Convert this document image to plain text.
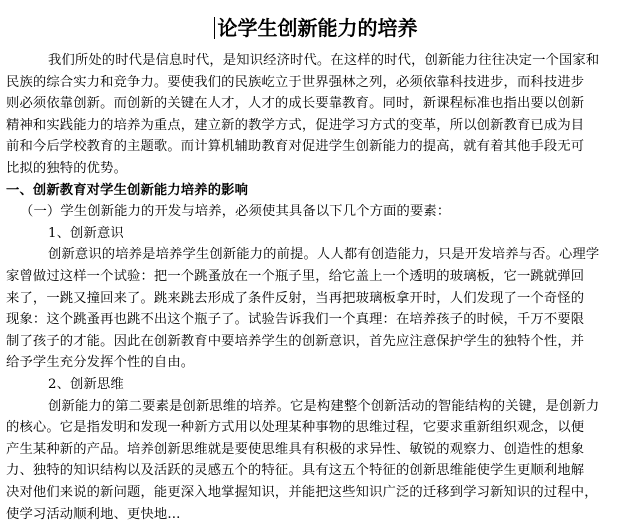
论学生创新能力的培养
我们所处的时代是信息时代，是知识经济时代。在这样的时代，创新能力往往决定一个国家和
民族的综合实力和竞争力。要使我们的民族屹立于世界强林之列，必须依靠科技进步，而科技进步
则必须依靠创新。而创新的关键在人才，人才的成长要靠教育。同时，新课程标准也指出要以创新
精神和实践能力的培养为重点，建立新的教学方式，促进学习方式的变革，所以创新教育已成为目
前和今后学校教育的主题歌。而计算机辅助教育对促进学生创新能力的提高，就有着其他手段无可
比拟的独特的优势。
一、创新教育对学生创新能力培养的影响
（一）学生创新能力的开发与培养，必须使其具备以下几个方面的要素：
1、创新意识
创新意识的培养是培养学生创新能力的前提。人人都有创造能力，只是开发培养与否。心理学
家曾做过这样一个试验：把一个跳蚤放在一个瓶子里，给它盖上一个透明的玻璃板，它一跳就弹回
来了，一跳又撞回来了。跳来跳去形成了条件反射，当再把玻璃板拿开时，人们发现了一个奇怪的
现象：这个跳蚤再也跳不出这个瓶子了。试验告诉我们一个真理：在培养孩子的时候，千万不要限
制了孩子的才能。因此在创新教育中要培养学生的创新意识，首先应注意保护学生的独特个性，并
给予学生充分发挥个性的自由。
2、创新思维
创新能力的第二要素是创新思维的培养。它是构建整个创新活动的智能结构的关键，是创新力
的核心。它是指发明和发现一种新方式用以处理某种事物的思维过程，它要求重新组织观念，以便
产生某种新的产品。培养创新思维就是要使思维具有积极的求异性、敏锐的观察力、创造性的想象
力、独特的知识结构以及活跃的灵感五个的特征。具有这五个特征的创新思维能使学生更顺利地解
决对他们来说的新问题，能更深入地掌握知识，并能把这些知识广泛的迁移到学习新知识的过程中，
使学习活动顺利地、更快地...
